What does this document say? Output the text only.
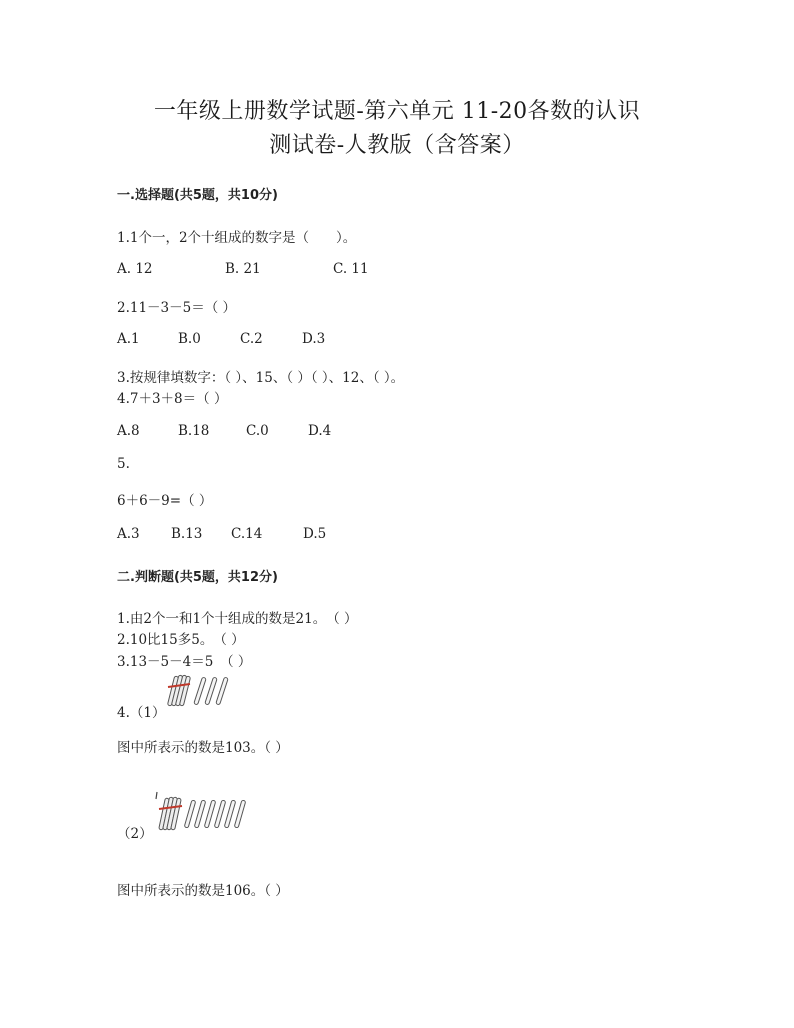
一年级上册数学试题-第六单元 11-20各数的认识
测试卷-人教版（含答案）
一.选择题(共5题，共10分)
1.1个一，2个十组成的数字是（　　）。
A. 12	B. 21	C. 11
2.11－3－5＝（ ）
A.1	B.0	C.2	D.3
3.按规律填数字：（ ）、15、（ ）（ ）、12、（ ）。
4.7＋3＋8＝（ ）
A.8	B.18	C.0	D.4
5.
6＋6－9=（ ）
A.3 B.13 C.14	D.5
二.判断题(共5题，共12分)
1.由2个一和1个十组成的数是21。　（ ）
2.10比15多5。　（ ）
3.13－5－4＝5　（ ）
4.（1）
图中所表示的数是103。（ ）
（2）
图中所表示的数是106。（ ）
